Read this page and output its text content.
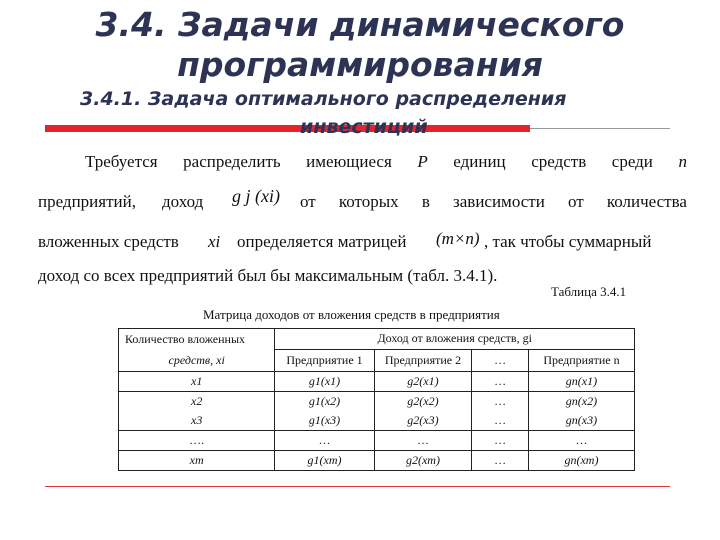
3.4. Задачи динамического
программирования
3.4.1. Задача оптимального распределения
инвестиций
Требуется распределить имеющиеся P единиц средств среди n
предприятий, доход g j (xi) от которых в зависимости от количества
вложенных средств xi определяется матрицей (m×n) , так чтобы суммарный
доход со всех предприятий был бы максимальным (табл. 3.4.1).
Таблица 3.4.1
Матрица доходов от вложения средств в предприятия
Количество вложенных	Доход от вложения средств, gi			
средств, xi	Предприятие 1	Предприятие 2	…	Предприятие n
x1	g1(x1)	g2(x1)	…	gn(x1)
x2	g1(x2)	g2(x2)	…	gn(x2)
x3	g1(x3)	g2(x3)	…	gn(x3)
….	…	…	…	…
xm	g1(xm)	g2(xm)	…	gn(xm)
